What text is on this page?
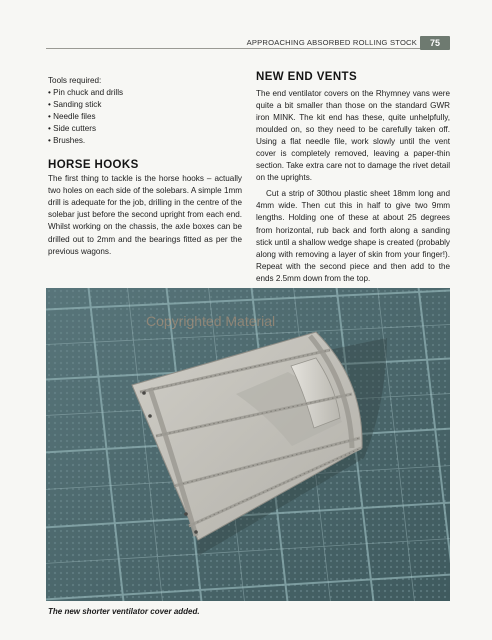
APPROACHING ABSORBED ROLLING STOCK	75

Tools required:

• Pin chuck and drills
• Sanding stick
• Needle files
• Side cutters
• Brushes.
HORSE HOOKS

The first thing to tackle is the horse hooks – actually two holes on each side of the solebars. A simple 1mm drill is adequate for the job, drilling in the centre of the solebar just before the second upright from each end. Whilst working on the chassis, the axle boxes can be drilled out to 2mm and the bearings fitted as per the previous wagons.

NEW END VENTS

The end ventilator covers on the Rhymney vans were quite a bit smaller than those on the standard GWR iron MINK. The kit end has these, quite unhelpfully, moulded on, so they need to be carefully taken off. Using a flat needle file, work slowly until the vent cover is completely removed, leaving a paper-thin section. Take extra care not to damage the rivet detail on the uprights.

Cut a strip of 30thou plastic sheet 18mm long and 4mm wide. Then cut this in half to give two 9mm lengths. Holding one of these at about 25 degrees from horizontal, rub back and forth along a sanding stick until a shallow wedge shape is created (probably along with removing a layer of skin from your finger!). Repeat with the second piece and then add to the ends 2.5mm down from the top.

Copyrighted Material
The new shorter ventilator cover added.
